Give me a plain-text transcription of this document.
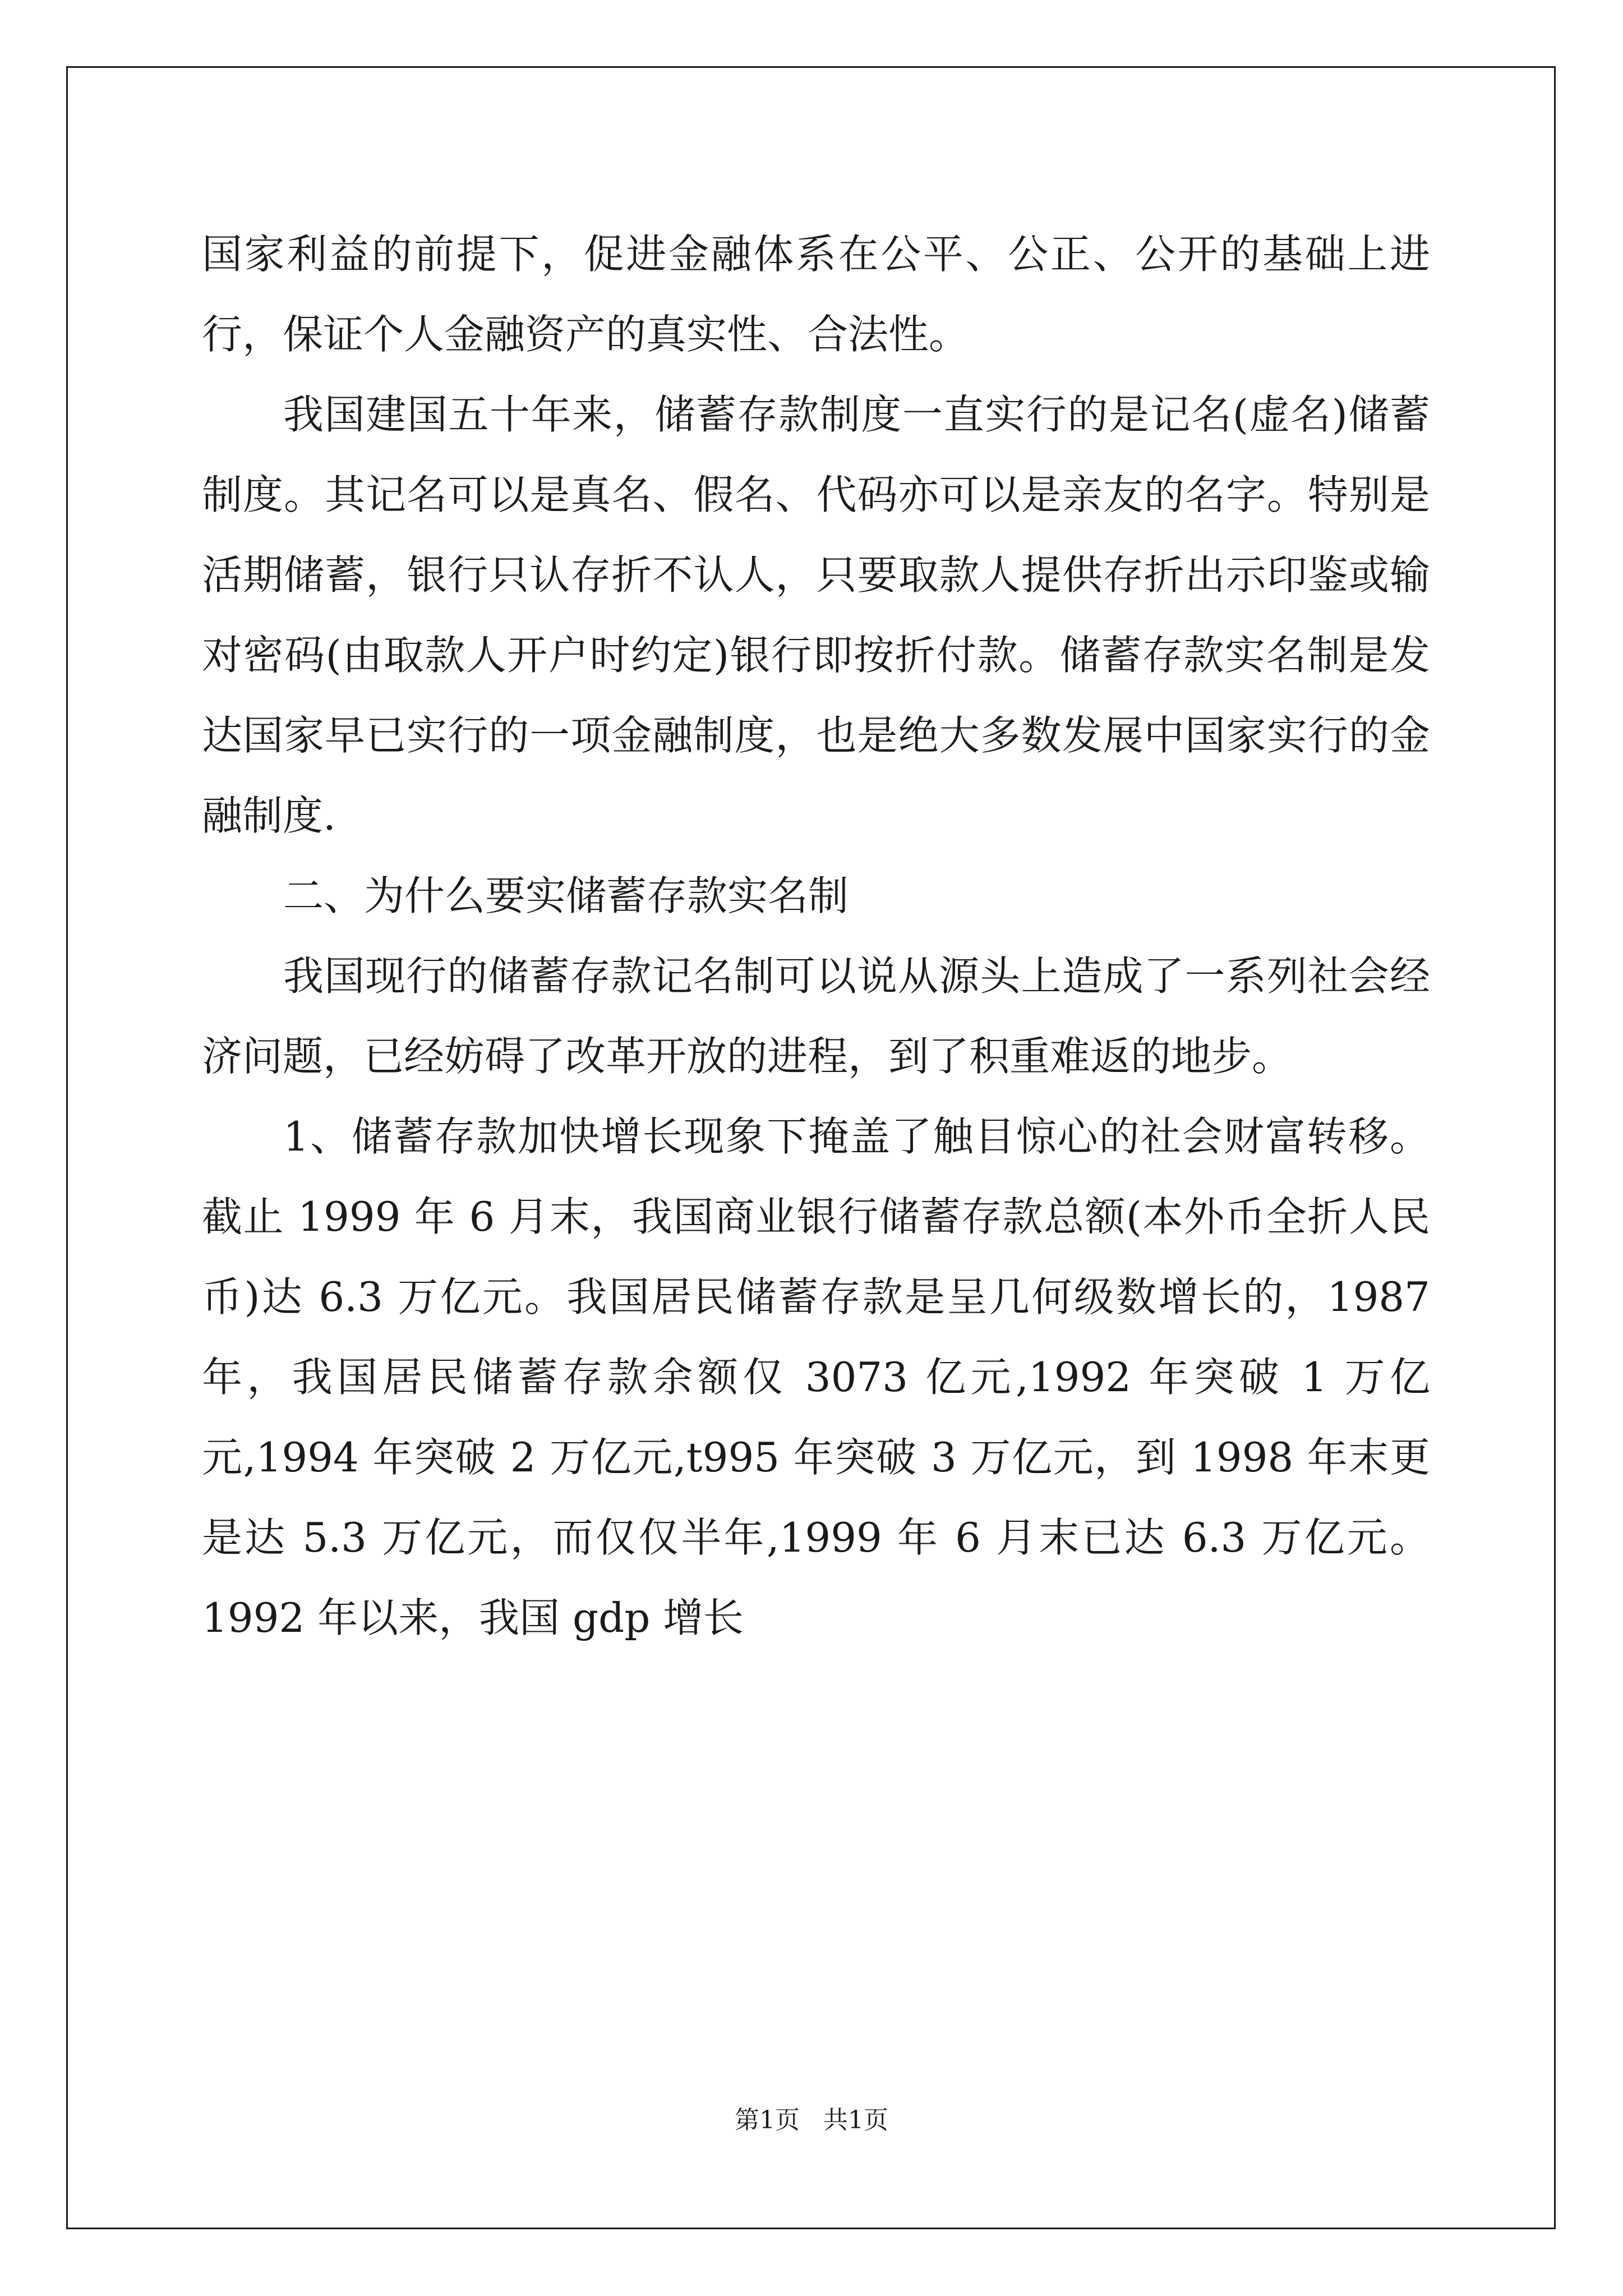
国家利益的前提下，促进金融体系在公平、公正、公开的基础上进行，保证个人金融资产的真实性、合法性。

我国建国五十年来，储蓄存款制度一直实行的是记名(虚名)储蓄制度。其记名可以是真名、假名、代码亦可以是亲友的名字。特别是活期储蓄，银行只认存折不认人，只要取款人提供存折出示印鉴或输对密码(由取款人开户时约定)银行即按折付款。储蓄存款实名制是发达国家早已实行的一项金融制度，也是绝大多数发展中国家实行的金融制度.

二、为什么要实储蓄存款实名制

我国现行的储蓄存款记名制可以说从源头上造成了一系列社会经济问题，已经妨碍了改革开放的进程，到了积重难返的地步。

1、储蓄存款加快增长现象下掩盖了触目惊心的社会财富转移。截止 1999 年 6 月末，我国商业银行储蓄存款总额(本外币全折人民币)达 6.3 万亿元。我国居民储蓄存款是呈几何级数增长的，1987 年，我国居民储蓄存款余额仅 3073 亿元,1992 年突破 1 万亿元,1994 年突破 2 万亿元,t995 年突破 3 万亿元，到 1998 年末更是达 5.3 万亿元，而仅仅半年,1999 年 6 月末已达 6.3 万亿元。1992 年以来，我国 gdp 增长

第1页   共1页
